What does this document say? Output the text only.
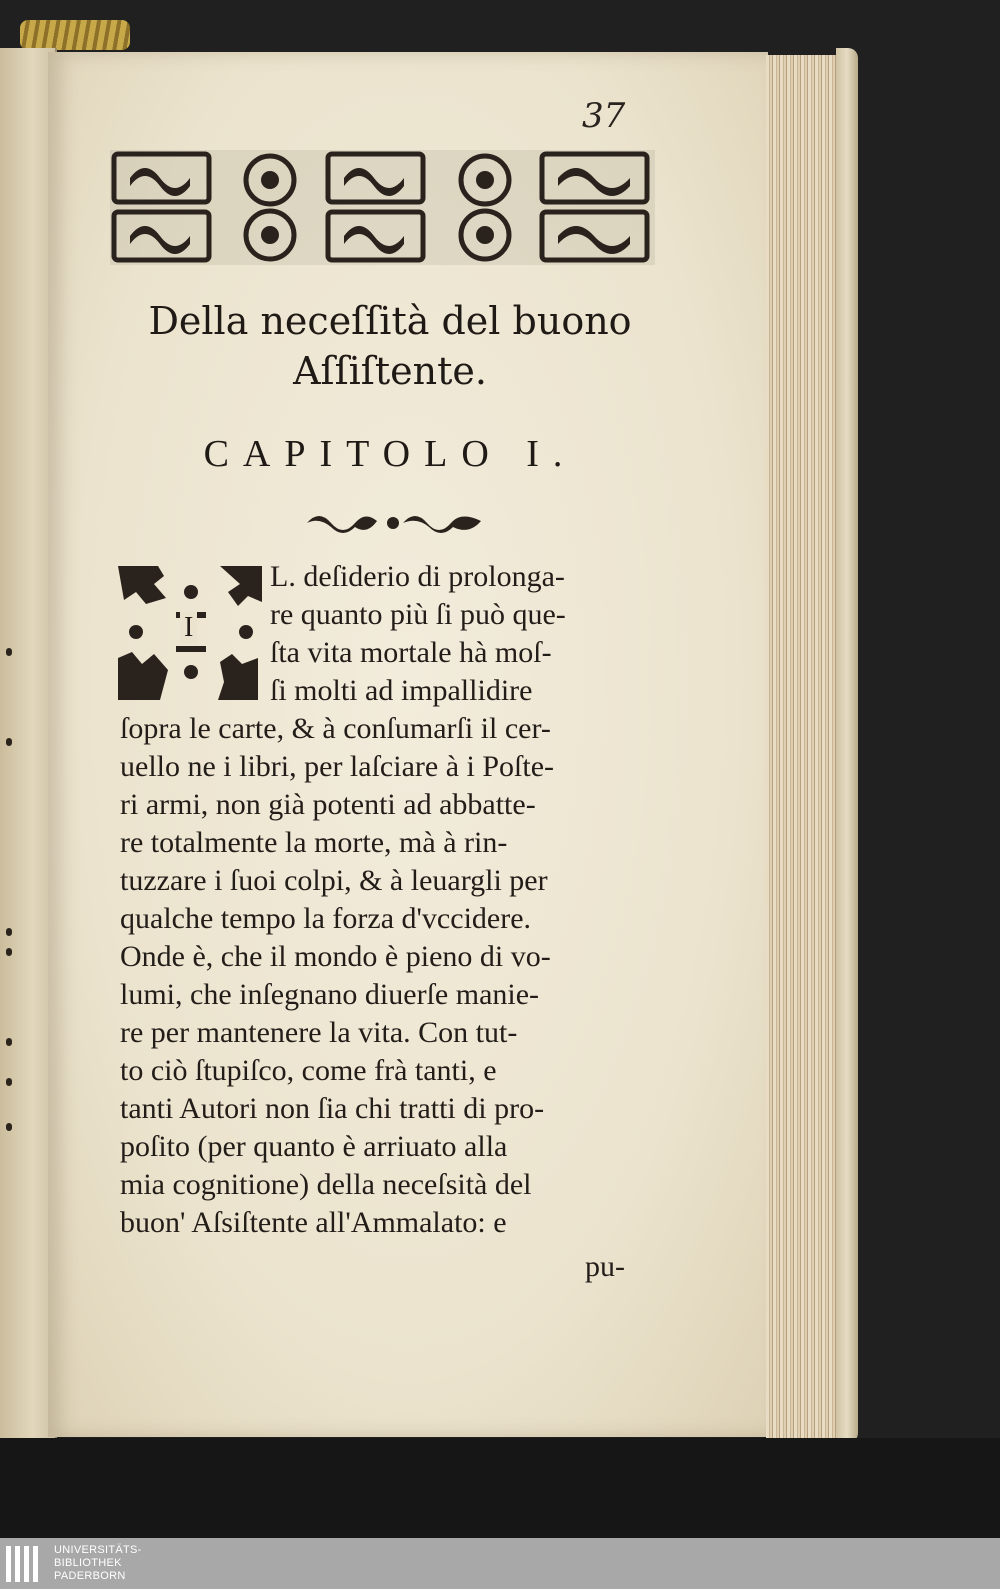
37
Della neceſſità del buono
Aſſiſtente.
CAPITOLO I.
I
L. deſiderio di prolonga-
re quanto più ſi può que-
ſta vita mortale hà moſ-
ſi molti ad impallidire
ſopra le carte, & à conſumarſi il cer-
uello ne i libri, per laſciare à i Poſte-
ri armi, non già potenti ad abbatte-
re totalmente la morte, mà à rin-
tuzzare i ſuoi colpi, & à leuargli per
qualche tempo la forza d'vccidere.
Onde è, che il mondo è pieno di vo-
lumi, che inſegnano diuerſe manie-
re per mantenere la vita. Con tut-
to ciò ſtupiſco, come frà tanti, e
tanti Autori non ſia chi tratti di pro-
poſito (per quanto è arriuato alla
mia cognitione) della neceſsità del
buon' Aſsiſtente all'Ammalato: e
pu-
UNIVERSITÄTS-
BIBLIOTHEK
PADERBORN
